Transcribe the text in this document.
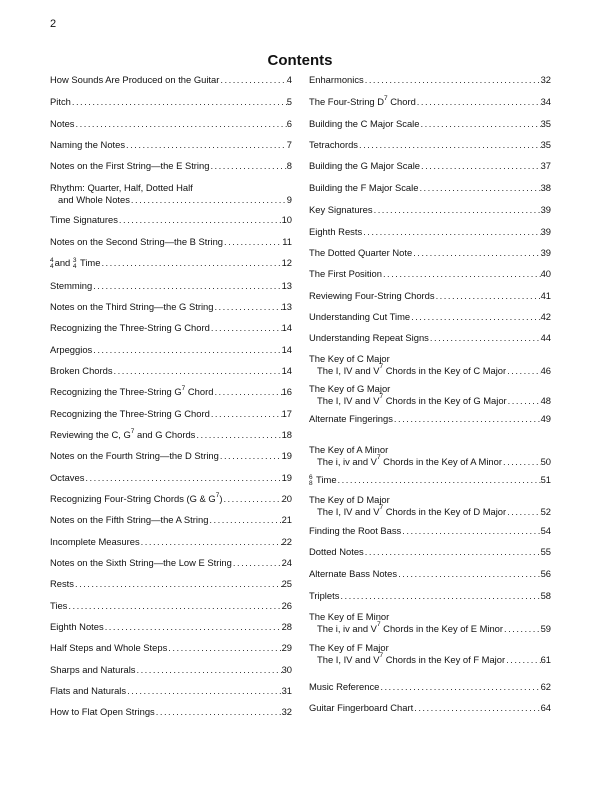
2
Contents
How Sounds Are Produced on the Guitar .....	4
Pitch .....	5
Notes .....	6
Naming the Notes .....	7
Notes on the First String—the E String .....	8
Rhythm: Quarter, Half, Dotted Half
and Whole Notes .....	9
Time Signatures .....	10
Notes on the Second String—the B String .....	11
4
4 and 3
4 Time .....	12
Stemming .....	13
Notes on the Third String—the G String .....	13
Recognizing the Three-String G Chord .....	14
Arpeggios .....	14
Broken Chords .....	14
Recognizing the Three-String $G^7$ Chord .....	16
Recognizing the Three-String G Chord .....	17
Reviewing the C, $G^7$ and G Chords .....	18
Notes on the Fourth String—the D String .....	19
Octaves .....	19
Recognizing Four-String Chords (G & $G^7$) .....	20
Notes on the Fifth String—the A String .....	21
Incomplete Measures .....	22
Notes on the Sixth String—the Low E String .....	24
Rests .....	25
Ties .....	26
Eighth Notes .....	28
Half Steps and Whole Steps .....	29
Sharps and Naturals .....	30
Flats and Naturals .....	31
How to Flat Open Strings .....	32
Enharmonics .....	32
The Four-String $D^7$ Chord .....	34
Building the C Major Scale .....	35
Tetrachords .....	35
Building the G Major Scale .....	37
Building the F Major Scale .....	38
Key Signatures .....	39
Eighth Rests .....	39
The Dotted Quarter Note .....	39
The First Position .....	40
Reviewing Four-String Chords .....	41
Understanding Cut Time .....	42
Understanding Repeat Signs .....	44
The Key of C Major
The I, IV and $V^7$ Chords in the Key of C Major .....	46
The Key of G Major
The I, IV and $V^7$ Chords in the Key of G Major .....	48
Alternate Fingerings .....	49
The Key of A Minor
The i, iv and $V^7$ Chords in the Key of A Minor .....	50
6
8 Time .....	51
The Key of D Major
The I, IV and $V^7$ Chords in the Key of D Major .....	52
Finding the Root Bass .....	54
Dotted Notes .....	55
Alternate Bass Notes .....	56
Triplets .....	58
The Key of E Minor
The i, iv and $V^7$ Chords in the Key of E Minor .....	59
The Key of F Major
The I, IV and $V^7$ Chords in the Key of F Major .....	61
Music Reference .....	62
Guitar Fingerboard Chart .....	64
